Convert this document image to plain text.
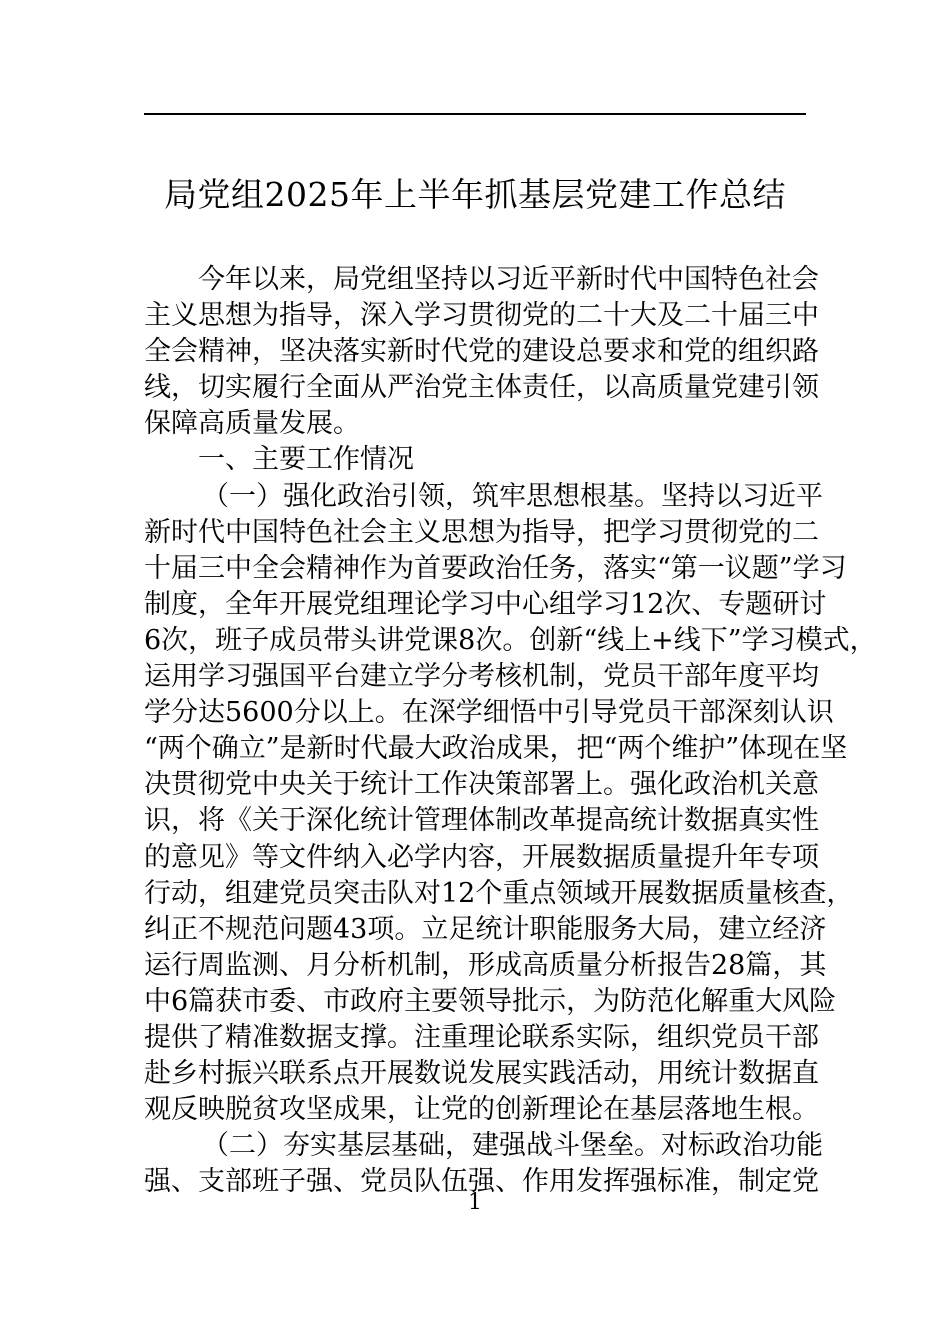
局党组2025年上半年抓基层党建工作总结
今年以来，局党组坚持以习近平新时代中国特色社会
主义思想为指导，深入学习贯彻党的二十大及二十届三中
全会精神，坚决落实新时代党的建设总要求和党的组织路
线，切实履行全面从严治党主体责任，以高质量党建引领
保障高质量发展。
一、主要工作情况
（一）强化政治引领，筑牢思想根基。坚持以习近平
新时代中国特色社会主义思想为指导，把学习贯彻党的二
十届三中全会精神作为首要政治任务，落实“第一议题”学习
制度，全年开展党组理论学习中心组学习12次、专题研讨
6次，班子成员带头讲党课8次。创新“线上+线下”学习模式，
运用学习强国平台建立学分考核机制，党员干部年度平均
学分达5600分以上。在深学细悟中引导党员干部深刻认识
“两个确立”是新时代最大政治成果，把“两个维护”体现在坚
决贯彻党中央关于统计工作决策部署上。强化政治机关意
识，将《关于深化统计管理体制改革提高统计数据真实性
的意见》等文件纳入必学内容，开展数据质量提升年专项
行动，组建党员突击队对12个重点领域开展数据质量核查，
纠正不规范问题43项。立足统计职能服务大局，建立经济
运行周监测、月分析机制，形成高质量分析报告28篇，其
中6篇获市委、市政府主要领导批示，为防范化解重大风险
提供了精准数据支撑。注重理论联系实际，组织党员干部
赴乡村振兴联系点开展数说发展实践活动，用统计数据直
观反映脱贫攻坚成果，让党的创新理论在基层落地生根。
（二）夯实基层基础，建强战斗堡垒。对标政治功能
强、支部班子强、党员队伍强、作用发挥强标准，制定党
1
